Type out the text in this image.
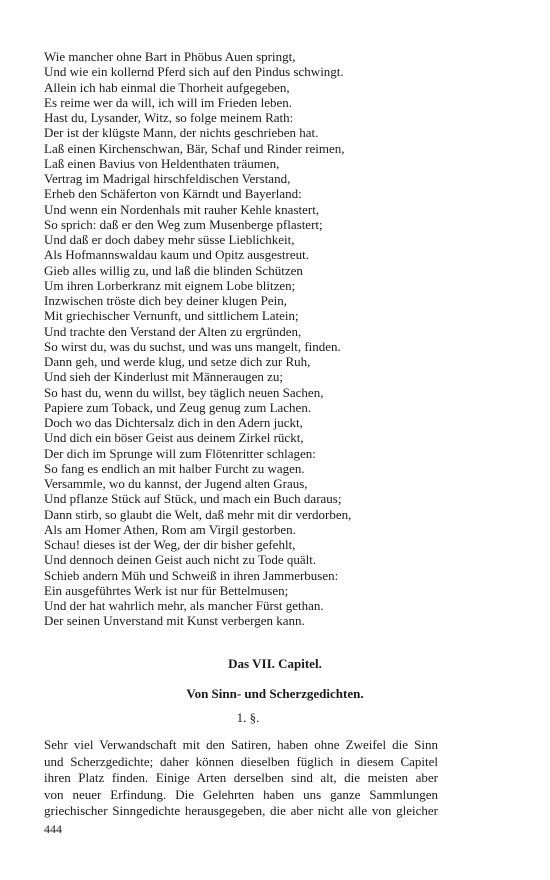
Wie mancher ohne Bart in Phöbus Auen springt,
Und wie ein kollernd Pferd sich auf den Pindus schwingt.
Allein ich hab einmal die Thorheit aufgegeben,
Es reime wer da will, ich will im Frieden leben.
Hast du, Lysander, Witz, so folge meinem Rath:
Der ist der klügste Mann, der nichts geschrieben hat.
Laß einen Kirchenschwan, Bär, Schaf und Rinder reimen,
Laß einen Bavius von Heldenthaten träumen,
Vertrag im Madrigal hirschfeldischen Verstand,
Erheb den Schäferton von Kärndt und Bayerland:
Und wenn ein Nordenhals mit rauher Kehle knastert,
So sprich: daß er den Weg zum Musenberge pflastert;
Und daß er doch dabey mehr süsse Lieblichkeit,
Als Hofmannswaldau kaum und Opitz ausgestreut.
Gieb alles willig zu, und laß die blinden Schützen
Um ihren Lorberkranz mit eignem Lobe blitzen;
Inzwischen tröste dich bey deiner klugen Pein,
Mit griechischer Vernunft, und sittlichem Latein;
Und trachte den Verstand der Alten zu ergründen,
So wirst du, was du suchst, und was uns mangelt, finden.
Dann geh, und werde klug, und setze dich zur Ruh,
Und sieh der Kinderlust mit Männeraugen zu;
So hast du, wenn du willst, bey täglich neuen Sachen,
Papiere zum Toback, und Zeug genug zum Lachen.
Doch wo das Dichtersalz dich in den Adern juckt,
Und dich ein böser Geist aus deinem Zirkel rückt,
Der dich im Sprunge will zum Flötenritter schlagen:
So fang es endlich an mit halber Furcht zu wagen.
Versammle, wo du kannst, der Jugend alten Graus,
Und pflanze Stück auf Stück, und mach ein Buch daraus;
Dann stirb, so glaubt die Welt, daß mehr mit dir verdorben,
Als am Homer Athen, Rom am Virgil gestorben.
Schau! dieses ist der Weg, der dir bisher gefehlt,
Und dennoch deinen Geist auch nicht zu Tode quält.
Schieb andern Müh und Schweiß in ihren Jammerbusen:
Ein ausgeführtes Werk ist nur für Bettelmusen;
Und der hat wahrlich mehr, als mancher Fürst gethan.
Der seinen Unverstand mit Kunst verbergen kann.
Das VII. Capitel.
Von Sinn- und Scherzgedichten.
1. §.

Sehr viel Verwandschaft mit den Satiren, haben ohne Zweifel die Sinn
und Scherzgedichte; daher können dieselben füglich in diesem Capitel
ihren Platz finden. Einige Arten derselben sind alt, die meisten aber
von neuer Erfindung. Die Gelehrten haben uns ganze Sammlungen
griechischer Sinngedichte herausgegeben, die aber nicht alle von gleicher

444
